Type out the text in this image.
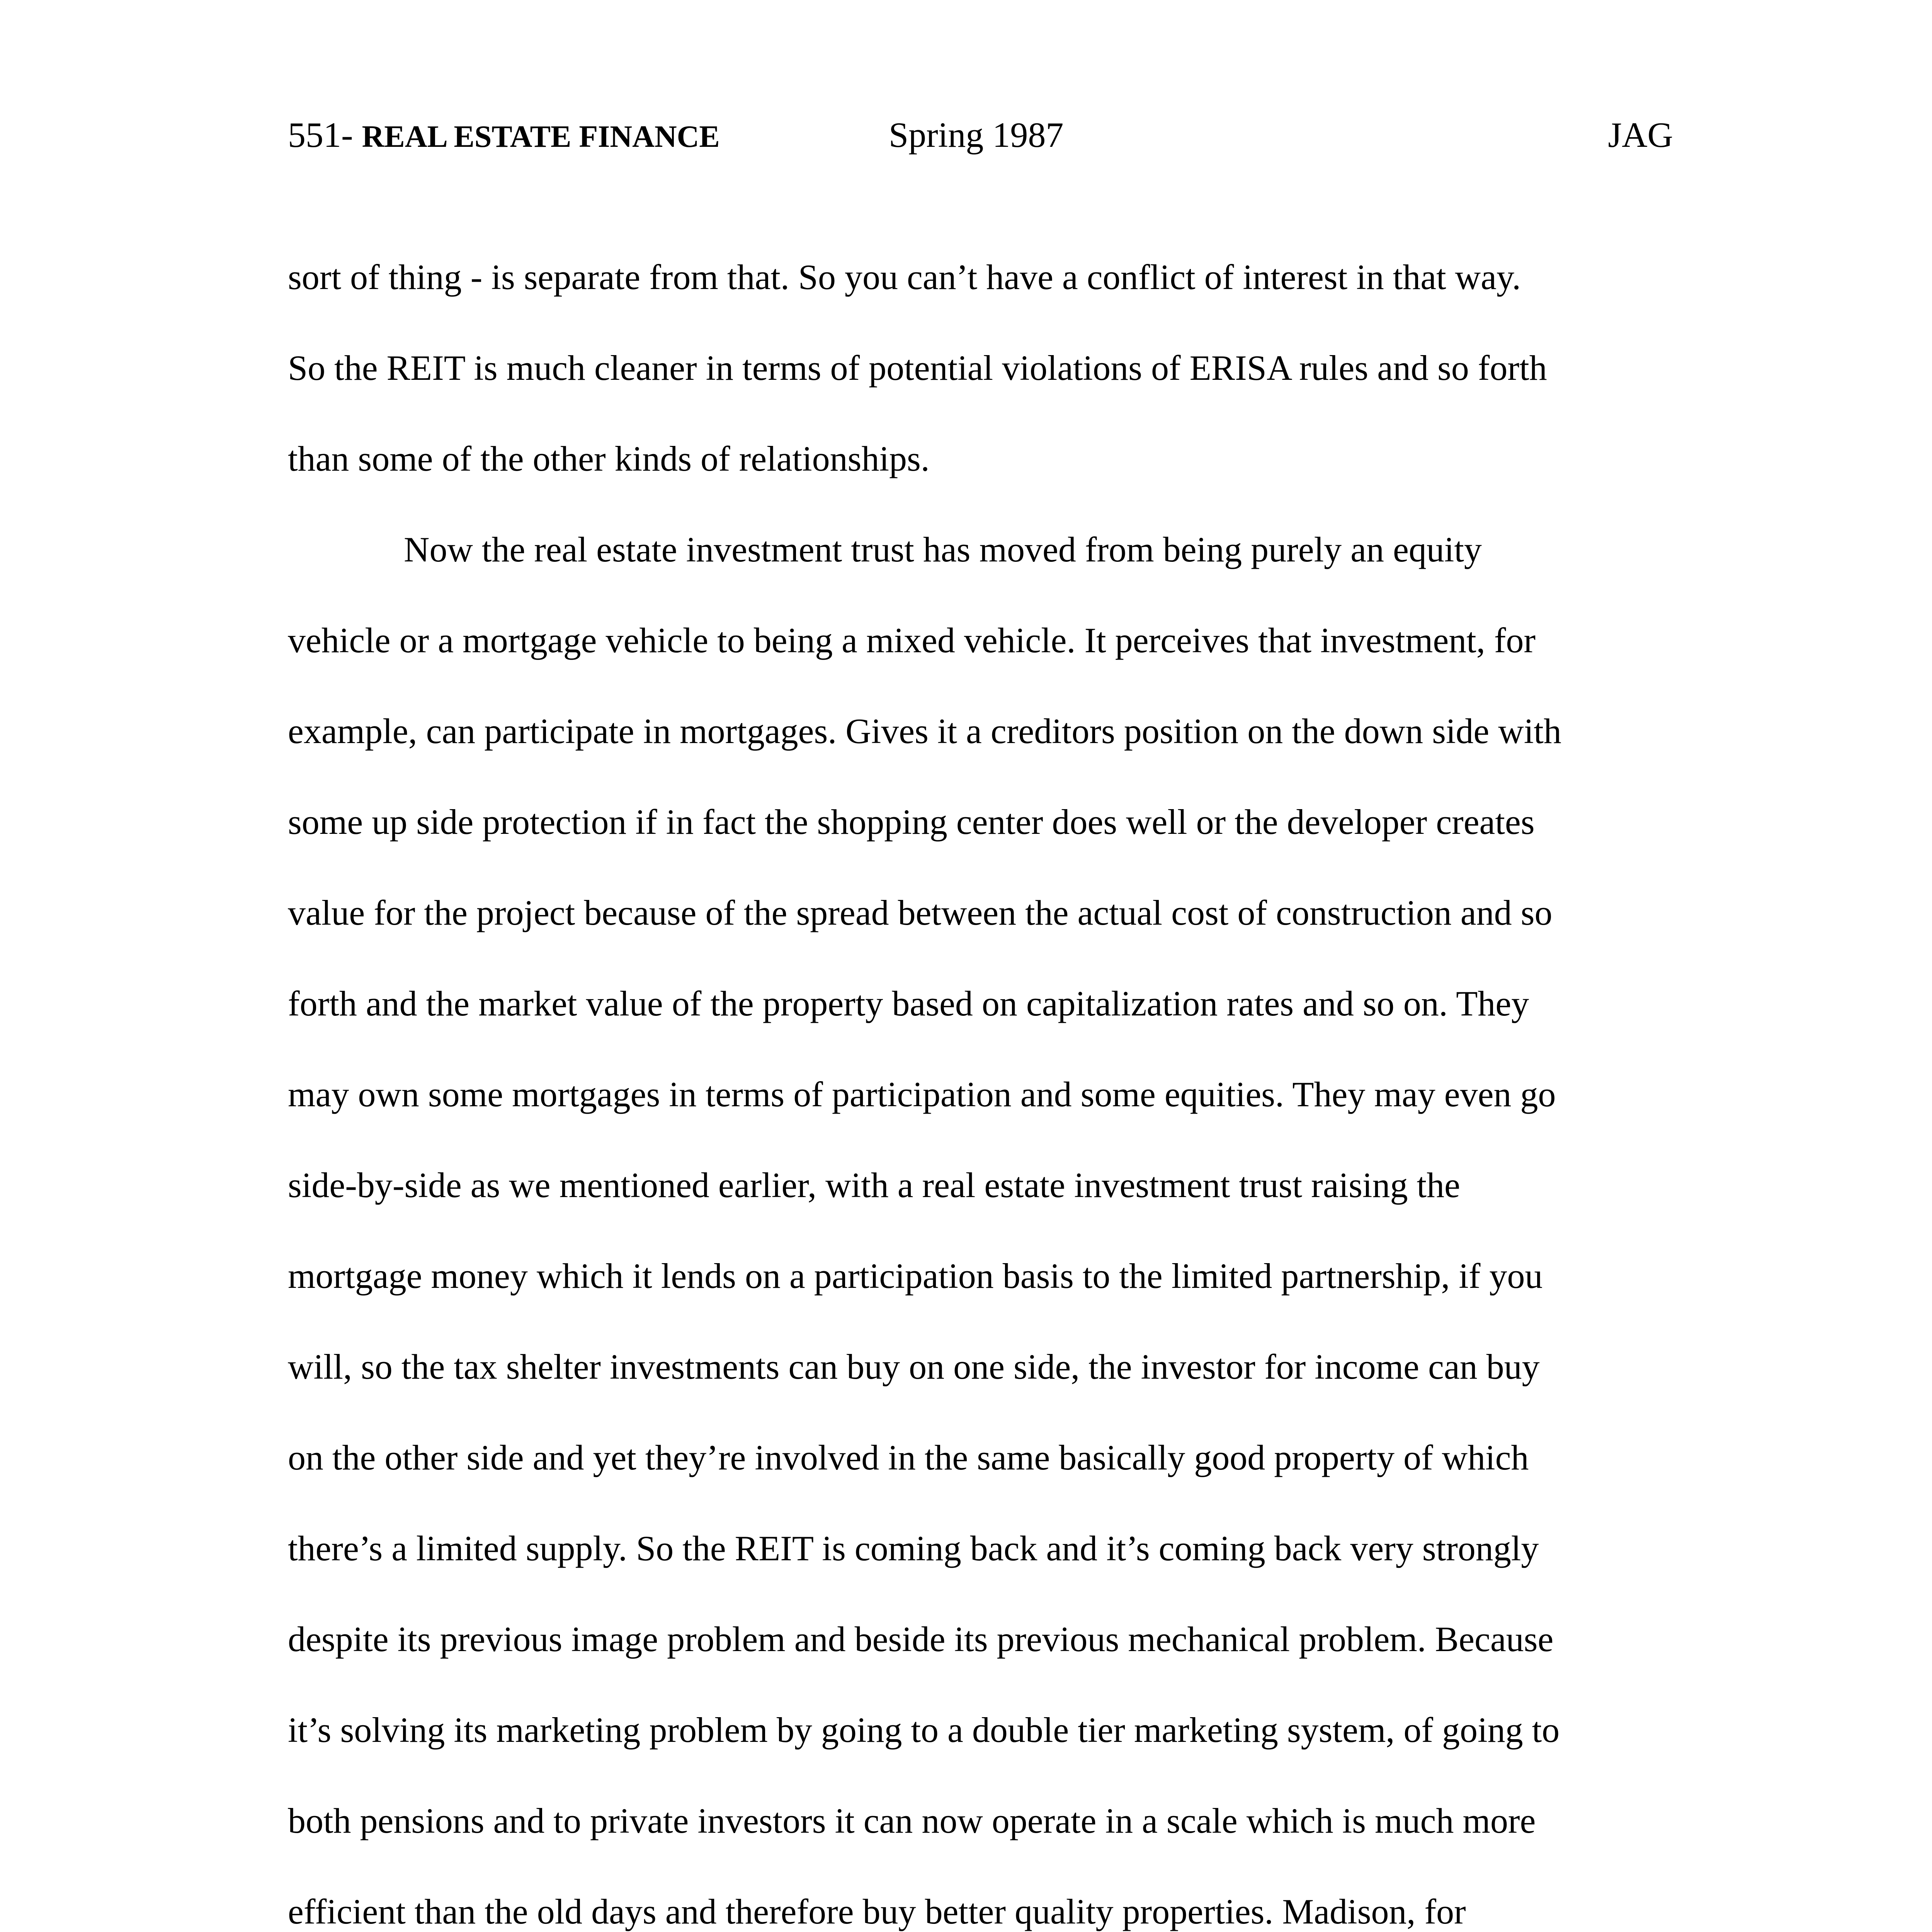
551- REAL ESTATE FINANCE	Spring 1987	JAG
sort of thing - is separate from that. So you can’t have a conflict of interest in that way.
So the REIT is much cleaner in terms of potential violations of ERISA rules and so forth
than some of the other kinds of relationships.
Now the real estate investment trust has moved from being purely an equity
vehicle or a mortgage vehicle to being a mixed vehicle. It perceives that investment, for
example, can participate in mortgages. Gives it a creditors position on the down side with
some up side protection if in fact the shopping center does well or the developer creates
value for the project because of the spread between the actual cost of construction and so
forth and the market value of the property based on capitalization rates and so on. They
may own some mortgages in terms of participation and some equities. They may even go
side-by-side as we mentioned earlier, with a real estate investment trust raising the
mortgage money which it lends on a participation basis to the limited partnership, if you
will, so the tax shelter investments can buy on one side, the investor for income can buy
on the other side and yet they’re involved in the same basically good property of which
there’s a limited supply. So the REIT is coming back and it’s coming back very strongly
despite its previous image problem and beside its previous mechanical problem. Because
it’s solving its marketing problem by going to a double tier marketing system, of going to
both pensions and to private investors it can now operate in a scale which is much more
efficient than the old days and therefore buy better quality properties. Madison, for
